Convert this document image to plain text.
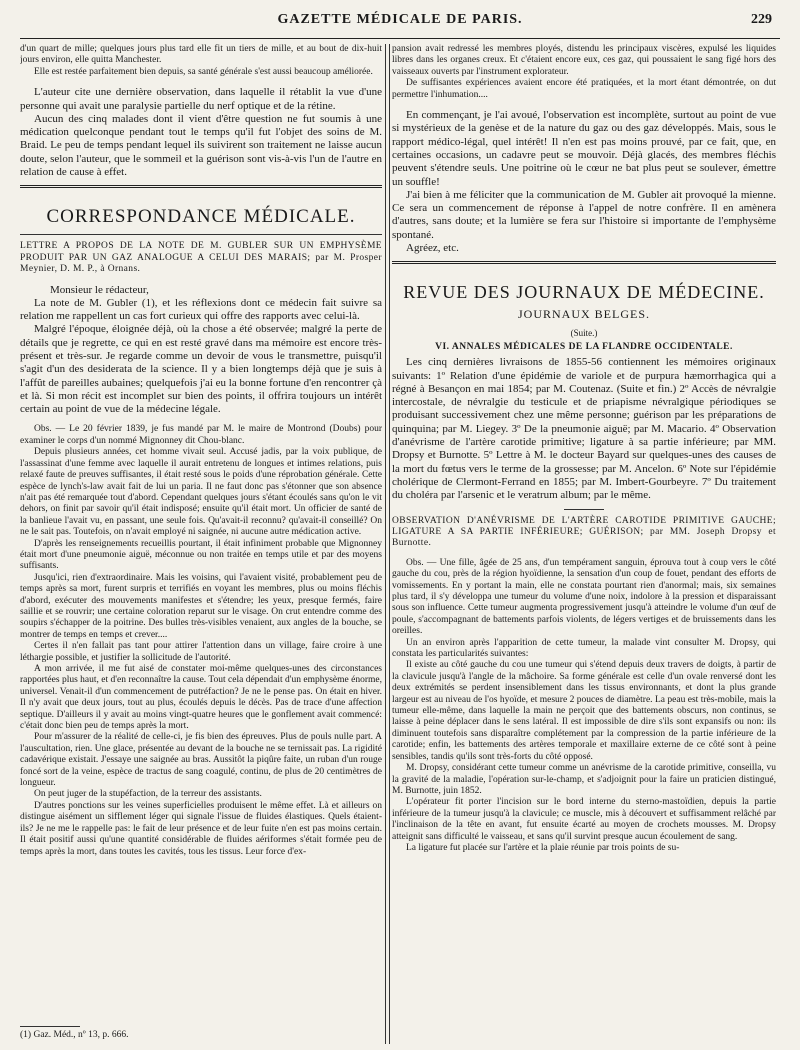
GAZETTE MÉDICALE DE PARIS.	229

d'un quart de mille; quelques jours plus tard elle fit un tiers de mille, et au bout de dix-huit jours environ, elle quitta Manchester.

Elle est restée parfaitement bien depuis, sa santé générale s'est aussi beaucoup améliorée.

L'auteur cite une dernière observation, dans laquelle il rétablit la vue d'une personne qui avait une paralysie partielle du nerf optique et de la rétine.

Aucun des cinq malades dont il vient d'être question ne fut soumis à une médication quelconque pendant tout le temps qu'il fut l'objet des soins de M. Braid. Le peu de temps pendant lequel ils suivirent son traitement ne laisse aucun doute, selon l'auteur, que le sommeil et la guérison sont vis-à-vis l'un de l'autre en relation de cause à effet.

CORRESPONDANCE MÉDICALE.

LETTRE A PROPOS DE LA NOTE DE M. GUBLER SUR UN EMPHYSÈME PRODUIT PAR UN GAZ ANALOGUE A CELUI DES MARAIS; par M. Prosper Meynier, D. M. P., à Ornans.

Monsieur le rédacteur,

La note de M. Gubler (1), et les réflexions dont ce médecin fait suivre sa relation me rappellent un cas fort curieux qui offre des rapports avec celui-là.

Malgré l'époque, éloignée déjà, où la chose a été observée; malgré la perte de détails que je regrette, ce qui en est resté gravé dans ma mémoire est encore très-présent et très-sur. Je regarde comme un devoir de vous le transmettre, puisqu'il s'agit d'un des desiderata de la science. Il y a bien longtemps déjà que je suis à l'affût de pareilles aubaines; quelquefois j'ai eu la bonne fortune d'en rencontrer çà et là. Si mon récit est incomplet sur bien des points, il offrira toujours un intérêt certain au point de vue de la médecine légale.

Obs. — Le 20 février 1839, je fus mandé par M. le maire de Montrond (Doubs) pour examiner le corps d'un nommé Mignonney dit Chou-blanc.

Depuis plusieurs années, cet homme vivait seul. Accusé jadis, par la voix publique, de l'assassinat d'une femme avec laquelle il aurait entretenu de longues et intimes relations, puis relaxé faute de preuves suffisantes, il était resté sous le poids d'une réprobation générale. Cette espèce de lynch's-law avait fait de lui un paria. Il ne faut donc pas s'étonner que son absence n'ait pas été remarquée tout d'abord. Cependant quelques jours s'étant écoulés sans qu'on le vit dehors, on finit par savoir qu'il était indisposé; ensuite qu'il était mort. Un officier de santé de la banlieue l'avait vu, en passant, une seule fois. Qu'avait-il reconnu? qu'avait-il conseillé? On ne le sait pas. Toutefois, on n'avait employé ni saignée, ni aucune autre médication active.

D'après les renseignements recueillis pourtant, il était infiniment probable que Mignonney était mort d'une pneumonie aiguë, méconnue ou non traitée en temps utile et par des moyens suffisants.

Jusqu'ici, rien d'extraordinaire. Mais les voisins, qui l'avaient visité, probablement peu de temps après sa mort, furent surpris et terrifiés en voyant les membres, plus ou moins fléchis d'abord, exécuter des mouvements manifestes et s'étendre; les yeux, presque fermés, faire saillie et se rouvrir; une certaine coloration reparut sur le visage. On crut entendre comme des soupirs s'échapper de la poitrine. Des bulles très-visibles venaient, aux angles de la bouche, se montrer de temps en temps et crever....

Certes il n'en fallait pas tant pour attirer l'attention dans un village, faire croire à une léthargie possible, et justifier la sollicitude de l'autorité.

A mon arrivée, il me fut aisé de constater moi-même quelques-unes des circonstances rapportées plus haut, et d'en reconnaître la cause. Tout cela dépendait d'un emphysème énorme, universel. Venait-il d'un commencement de putréfaction? Je ne le pense pas. On était en hiver. Il n'y avait que deux jours, tout au plus, écoulés depuis le décès. Pas de trace d'une affection septique. D'ailleurs il y avait au moins vingt-quatre heures que le gonflement avait commencé: c'était donc bien peu de temps après la mort.

Pour m'assurer de la réalité de celle-ci, je fis bien des épreuves. Plus de pouls nulle part. A l'auscultation, rien. Une glace, présentée au devant de la bouche ne se ternissait pas. La rigidité cadavérique existait. J'essaye une saignée au bras. Aussitôt la piqûre faite, un ruban d'un rouge foncé sort de la veine, espèce de tractus de sang coagulé, continu, de plus de 20 centimètres de longueur.

On peut juger de la stupéfaction, de la terreur des assistants.

D'autres ponctions sur les veines superficielles produisent le même effet. Là et ailleurs on distingue aisément un sifflement léger qui signale l'issue de fluides élastiques. Quels étaient-ils? Je ne me le rappelle pas: le fait de leur présence et de leur fuite n'en est pas moins certain. Il était positif aussi qu'une quantité considérable de fluides aériformes s'était formée peu de temps après la mort, dans toutes les cavités, tous les tissus. Leur force d'ex-

(1) Gaz. Méd., nº 13, p. 666.

pansion avait redressé les membres ployés, distendu les principaux viscères, expulsé les liquides libres dans les organes creux. Et c'étaient encore eux, ces gaz, qui poussaient le sang figé hors des vaisseaux ouverts par l'instrument explorateur.

De suffisantes expériences avaient encore été pratiquées, et la mort étant démontrée, on dut permettre l'inhumation....

En commençant, je l'ai avoué, l'observation est incomplète, surtout au point de vue si mystérieux de la genèse et de la nature du gaz ou des gaz développés. Mais, sous le rapport médico-légal, quel intérêt! Il n'en est pas moins prouvé, par ce fait, que, en certaines occasions, un cadavre peut se mouvoir. Déjà glacés, des membres fléchis peuvent s'étendre seuls. Une poitrine où le cœur ne bat plus peut se soulever, émettre un souffle!

J'ai bien à me féliciter que la communication de M. Gubler ait provoqué la mienne. Ce sera un commencement de réponse à l'appel de notre confrère. Il en amènera d'autres, sans doute; et la lumière se fera sur l'histoire si importante de l'emphysème spontané.

Agréez, etc.

REVUE DES JOURNAUX DE MÉDECINE.
JOURNAUX BELGES.
(Suite.)
VI. ANNALES MÉDICALES DE LA FLANDRE OCCIDENTALE.

Les cinq dernières livraisons de 1855-56 contiennent les mémoires originaux suivants: 1º Relation d'une épidémie de variole et de purpura hæmorrhagica qui a régné à Besançon en mai 1854; par M. Coutenaz. (Suite et fin.) 2º Accès de névralgie intercostale, de névralgie du testicule et de priapisme névralgique périodiques se produisant successivement chez une même personne; guérison par les préparations de quinquina; par M. Liegey. 3º De la pneumonie aiguë; par M. Macario. 4º Observation d'anévrisme de l'artère carotide primitive; ligature à sa partie inférieure; par MM. Dropsy et Burnotte. 5º Lettre à M. le docteur Bayard sur quelques-unes des causes de la mort du fœtus vers le terme de la grossesse; par M. Ancelon. 6º Note sur l'épidémie cholérique de Clermont-Ferrand en 1855; par M. Imbert-Gourbeyre. 7º Du traitement du choléra par l'arsenic et le veratrum album; par le même.

OBSERVATION D'ANÉVRISME DE L'ARTÈRE CAROTIDE PRIMITIVE GAUCHE; LIGATURE A SA PARTIE INFÉRIEURE; GUÉRISON; par MM. Joseph Dropsy et Burnotte.

Obs. — Une fille, âgée de 25 ans, d'un tempérament sanguin, éprouva tout à coup vers le côté gauche du cou, près de la région hyoïdienne, la sensation d'un coup de fouet, pendant des efforts de vomissements. En y portant la main, elle ne constata pourtant rien d'anormal; mais, six semaines plus tard, il s'y développa une tumeur du volume d'une noix, indolore à la pression et disparaissant sous son influence. Cette tumeur augmenta progressivement jusqu'à atteindre le volume d'un œuf de poule, s'accompagnant de battements parfois violents, de légers vertiges et de bruissements dans les oreilles.

Un an environ après l'apparition de cette tumeur, la malade vint consulter M. Dropsy, qui constata les particularités suivantes:

Il existe au côté gauche du cou une tumeur qui s'étend depuis deux travers de doigts, à partir de la clavicule jusqu'à l'angle de la mâchoire. Sa forme générale est celle d'un ovale renversé dont les deux extrémités se perdent insensiblement dans les tissus environnants, et dont la plus grande largeur est au niveau de l'os hyoïde, et mesure 2 pouces de diamètre. La peau est très-mobile, mais la tumeur elle-même, dans laquelle la main ne perçoit que des battements obscurs, non continus, se laisse à peine déplacer dans le sens latéral. Il est impossible de dire s'ils sont expansifs ou non: ils diminuent toutefois sans disparaître complétement par la compression de la partie inférieure de la carotide; enfin, les battements des artères temporale et maxillaire externe de ce côté sont à peine sensibles, tandis qu'ils sont très-forts du côté opposé.

M. Dropsy, considérant cette tumeur comme un anévrisme de la carotide primitive, conseilla, vu la gravité de la maladie, l'opération sur-le-champ, et s'adjoignit pour la faire un praticien distingué, M. Burnotte, juin 1852.

L'opérateur fit porter l'incision sur le bord interne du sterno-mastoïdien, depuis la partie inférieure de la tumeur jusqu'à la clavicule; ce muscle, mis à découvert et suffisamment relâché par l'inclinaison de la tête en avant, fut ensuite écarté au moyen de crochets mousses. M. Dropsy atteignit sans difficulté le vaisseau, et sans qu'il survint presque aucun écoulement de sang.

La ligature fut placée sur l'artère et la plaie réunie par trois points de su-
